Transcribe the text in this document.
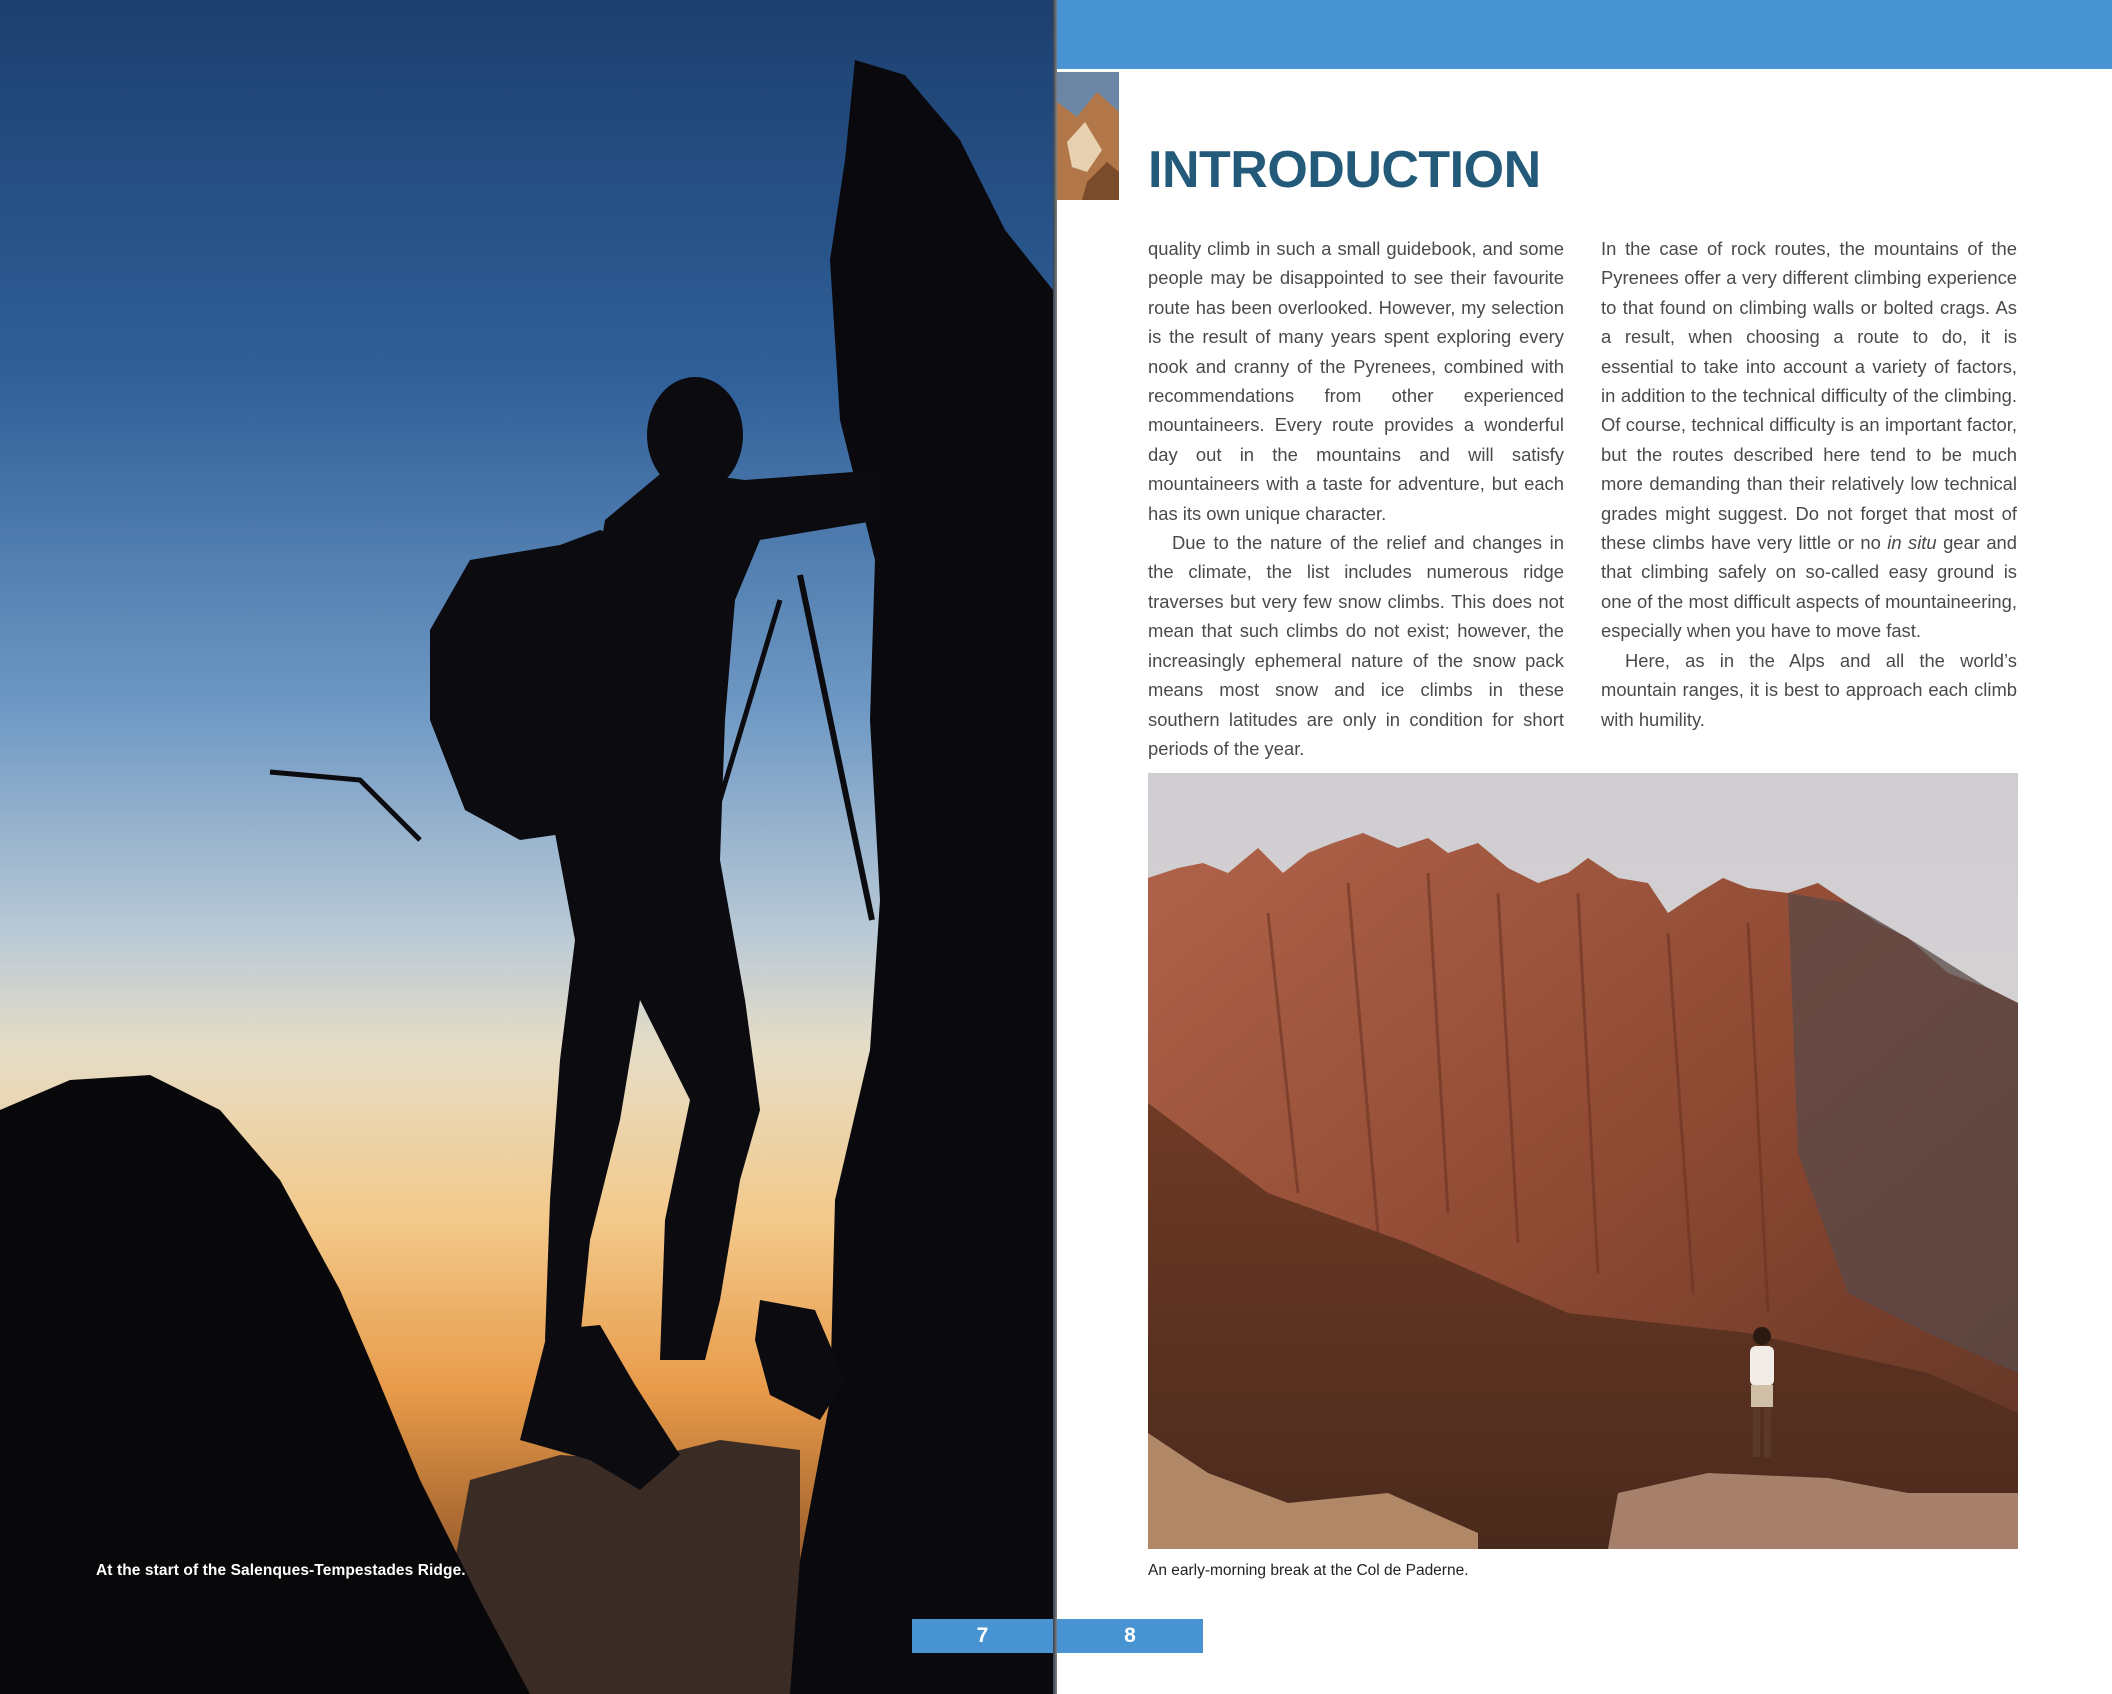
At the start of the Salenques-Tempestades Ridge.
INTRODUCTION

quality climb in such a small guidebook, and some people may be disappointed to see their favourite route has been overlooked. However, my selection is the result of many years spent exploring every nook and cranny of the Pyrenees, combined with recommendations from other experienced mountaineers. Every route provides a wonderful day out in the mountains and will satisfy mountaineers with a taste for adventure, but each has its own unique character.

Due to the nature of the relief and changes in the climate, the list includes numerous ridge traverses but very few snow climbs. This does not mean that such climbs do not exist; however, the increasingly ephemeral nature of the snow pack means most snow and ice climbs in these southern latitudes are only in condition for short periods of the year.

In the case of rock routes, the mountains of the Pyrenees offer a very different climbing experience to that found on climbing walls or bolted crags. As a result, when choosing a route to do, it is essential to take into account a variety of factors, in addition to the technical difficulty of the climbing. Of course, technical difficulty is an important factor, but the routes described here tend to be much more demanding than their relatively low technical grades might suggest. Do not forget that most of these climbs have very little or no in situ gear and that climbing safely on so-called easy ground is one of the most difficult aspects of mountaineering, especially when you have to move fast.

Here, as in the Alps and all the world’s mountain ranges, it is best to approach each climb with humility.

An early-morning break at the Col de Paderne.
7	8
